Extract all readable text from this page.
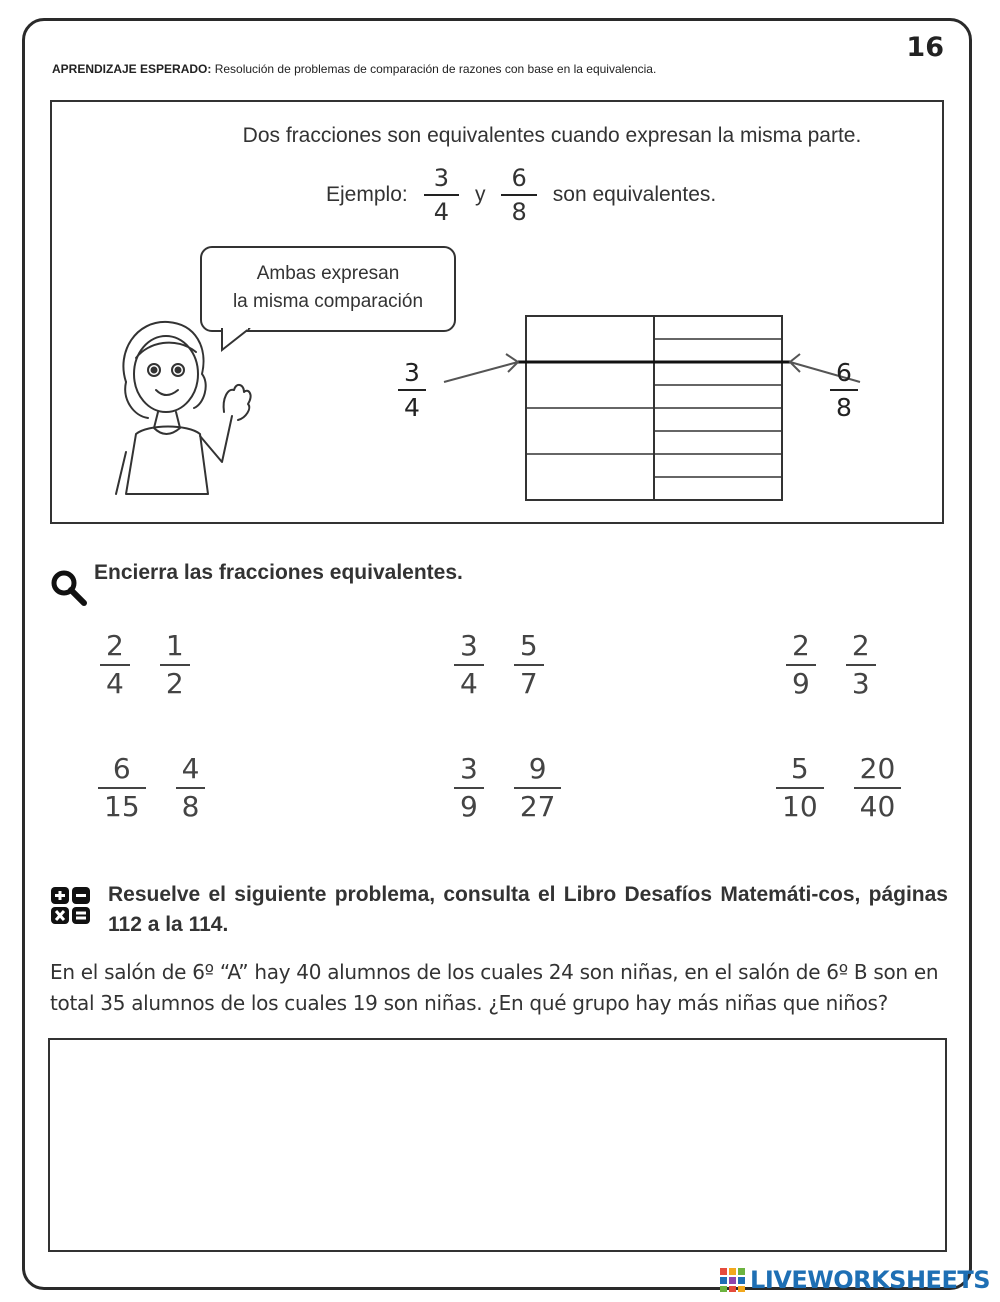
16
APRENDIZAJE ESPERADO: Resolución de problemas de comparación de razones con base en la equivalencia.
Dos fracciones son equivalentes cuando expresan la misma parte.
Ejemplo: $\frac{3}{4}$ y $\frac{6}{8}$ son equivalentes.
Ambas expresan
la misma comparación
$\frac{3}{4}$	$\frac{6}{8}$
Encierra las fracciones equivalentes.
$\frac{2}{4} \frac{1}{2}$	$\frac{3}{4} \frac{5}{7}$	$\frac{2}{9} \frac{2}{3}$
$\frac{6}{15} \frac{4}{8}$	$\frac{3}{9} \frac{9}{27}$	$\frac{5}{10} \frac{20}{40}$
Resuelve el siguiente problema, consulta el Libro Desafíos Matemáti-cos, páginas 112 a la 114.
En el salón de 6º “A” hay 40 alumnos de los cuales 24 son niñas, en el salón de 6º B son en total 35 alumnos de los cuales 19 son niñas. ¿En qué grupo hay más niñas que niños?
LIVEWORKSHEETS
